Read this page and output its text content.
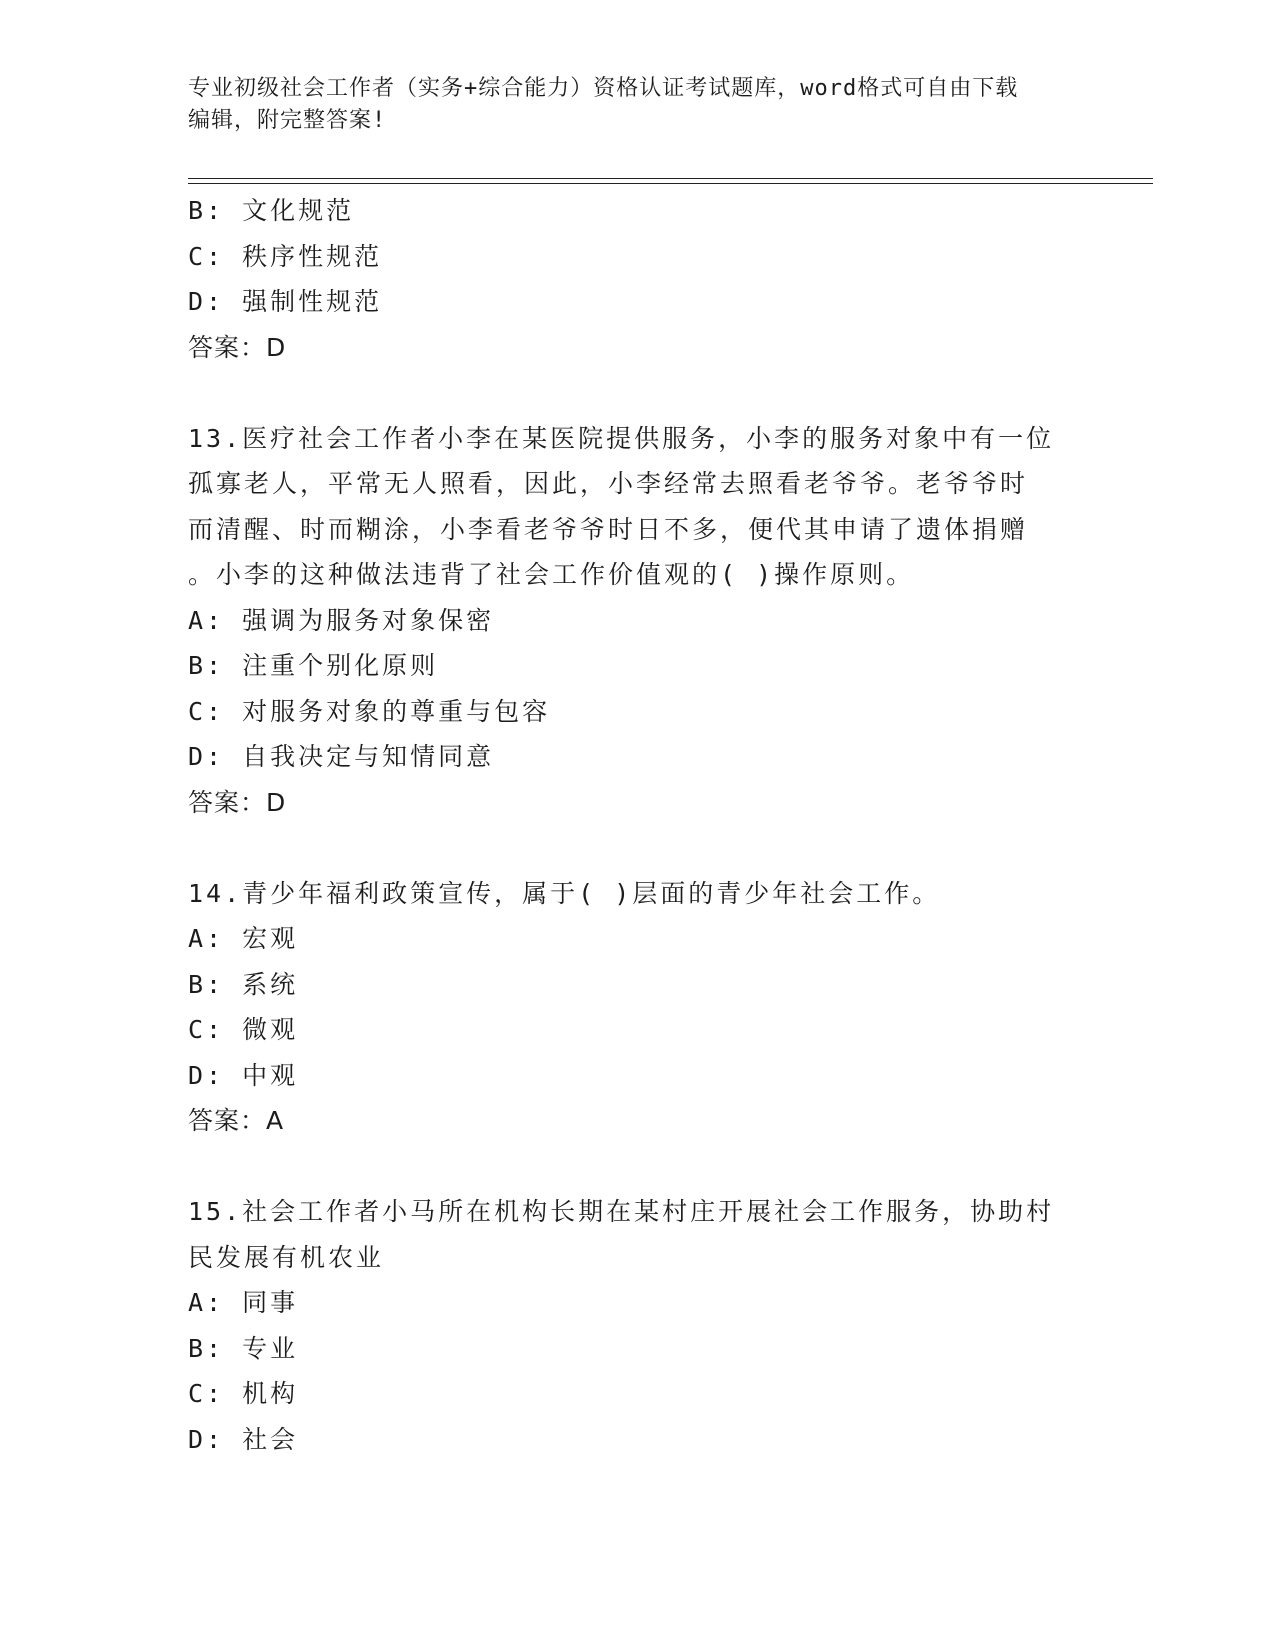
专业初级社会工作者（实务+综合能力）资格认证考试题库，word格式可自由下载
编辑，附完整答案!
B: 文化规范
C: 秩序性规范
D: 强制性规范
答案：D
13.医疗社会工作者小李在某医院提供服务，小李的服务对象中有一位
孤寡老人，平常无人照看，因此，小李经常去照看老爷爷。老爷爷时
而清醒、时而糊涂，小李看老爷爷时日不多，便代其申请了遗体捐赠
。小李的这种做法违背了社会工作价值观的( )操作原则。
A: 强调为服务对象保密
B: 注重个别化原则
C: 对服务对象的尊重与包容
D: 自我决定与知情同意
答案：D
14.青少年福利政策宣传，属于( )层面的青少年社会工作。
A: 宏观
B: 系统
C: 微观
D: 中观
答案：A
15.社会工作者小马所在机构长期在某村庄开展社会工作服务，协助村
民发展有机农业
A: 同事
B: 专业
C: 机构
D: 社会
